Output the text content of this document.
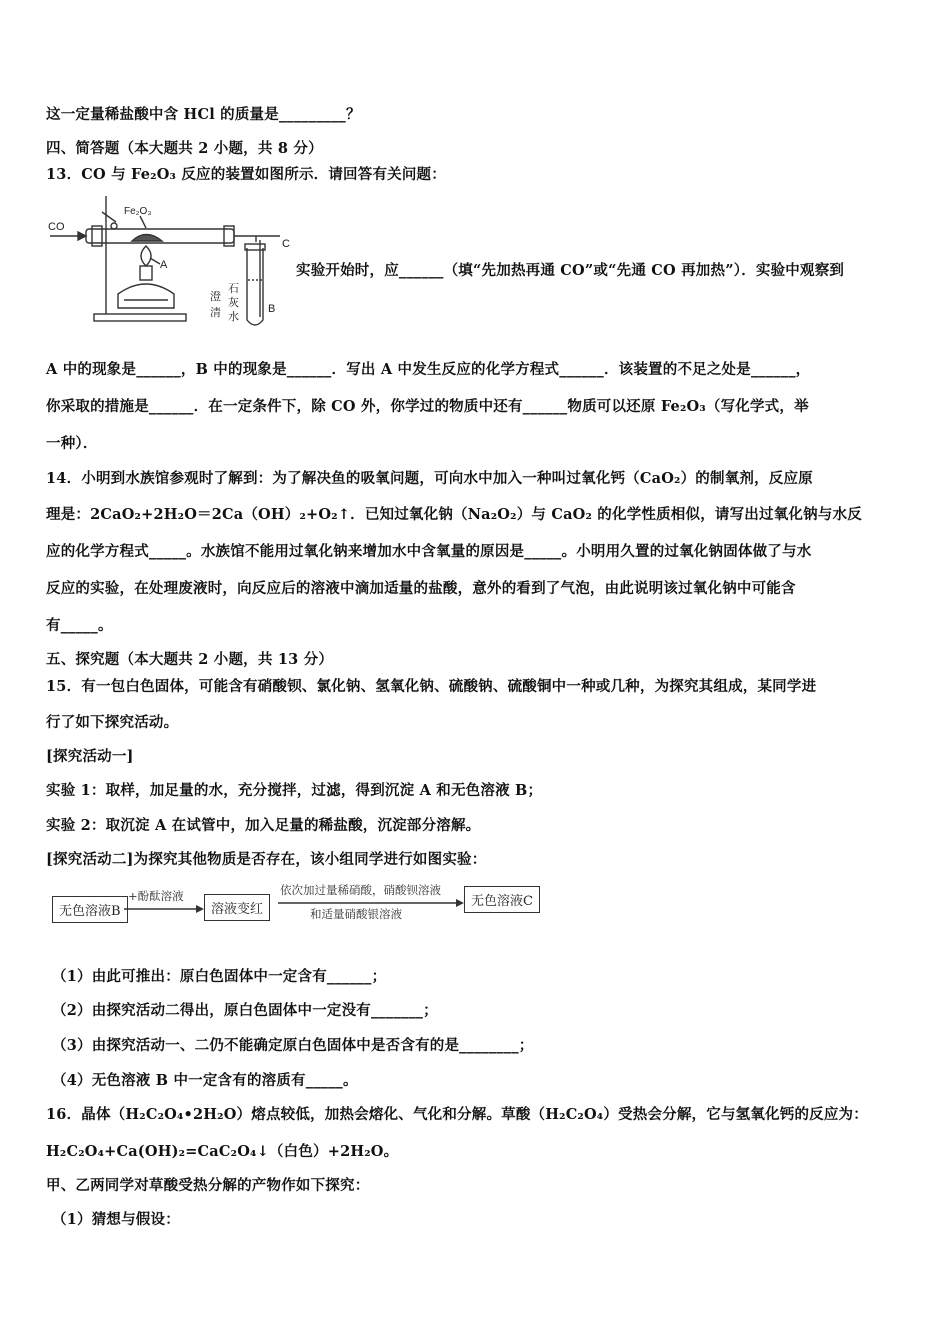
这一定量稀盐酸中含 HCl 的质量是_________？
四、简答题（本大题共 2 小题，共 8 分）
13．CO 与 Fe₂O₃ 反应的装置如图所示．请回答有关问题：
CO
Fe₂O₃
A
C
B
澄
清
石
灰
水
实验开始时，应______（填“先加热再通 CO”或“先通 CO 再加热”）．实验中观察到
A 中的现象是______，B 中的现象是______．写出 A 中发生反应的化学方程式______．该装置的不足之处是______，
你采取的措施是______．在一定条件下，除 CO 外，你学过的物质中还有______物质可以还原 Fe₂O₃（写化学式，举
一种）．
14．小明到水族馆参观时了解到：为了解决鱼的吸氧问题，可向水中加入一种叫过氧化钙（CaO₂）的制氧剂，反应原
理是：2CaO₂+2H₂O＝2Ca（OH）₂+O₂↑．已知过氧化钠（Na₂O₂）与 CaO₂ 的化学性质相似，请写出过氧化钠与水反
应的化学方程式_____。水族馆不能用过氧化钠来增加水中含氧量的原因是_____。小明用久置的过氧化钠固体做了与水
反应的实验，在处理废液时，向反应后的溶液中滴加适量的盐酸，意外的看到了气泡，由此说明该过氧化钠中可能含
有_____。
五、探究题（本大题共 2 小题，共 13 分）
15．有一包白色固体，可能含有硝酸钡、氯化钠、氢氧化钠、硫酸钠、硫酸铜中一种或几种，为探究其组成，某同学进
行了如下探究活动。
[探究活动一]
实验 1：取样，加足量的水，充分搅拌，过滤，得到沉淀 A 和无色溶液 B；
实验 2：取沉淀 A 在试管中，加入足量的稀盐酸，沉淀部分溶解。
[探究活动二]为探究其他物质是否存在，该小组同学进行如图实验：
无色溶液B
+酚酞溶液
溶液变红
依次加过量稀硝酸，硝酸钡溶液
和适量硝酸银溶液
无色溶液C
（1）由此可推出：原白色固体中一定含有______；
（2）由探究活动二得出，原白色固体中一定没有_______；
（3）由探究活动一、二仍不能确定原白色固体中是否含有的是________；
（4）无色溶液 B 中一定含有的溶质有_____。
16．晶体（H₂C₂O₄•2H₂O）熔点较低，加热会熔化、气化和分解。草酸（H₂C₂O₄）受热会分解，它与氢氧化钙的反应为：
H₂C₂O₄+Ca(OH)₂=CaC₂O₄↓（白色）+2H₂O。
甲、乙两同学对草酸受热分解的产物作如下探究：
（1）猜想与假设：
